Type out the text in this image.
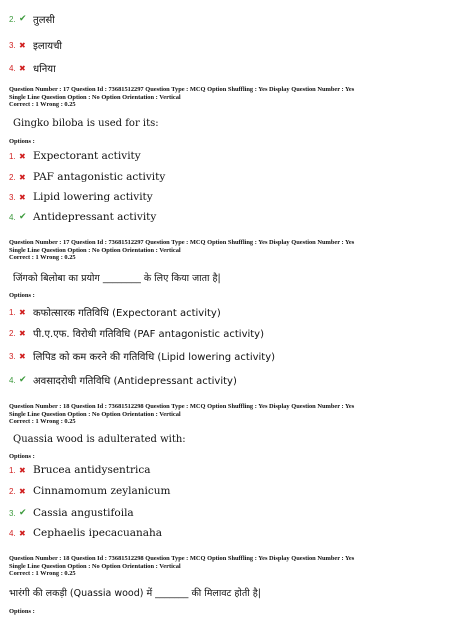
2. ✔ तुलसी
3. ✖ इलायची
4. ✖ धनिया
Question Number : 17 Question Id : 73681512297 Question Type : MCQ Option Shuffling : Yes Display Question Number : Yes
Single Line Question Option : No Option Orientation : Vertical
Correct : 1 Wrong : 0.25
Gingko biloba is used for its:
Options :
1. ✖ Expectorant activity
2. ✖ PAF antagonistic activity
3. ✖ Lipid lowering activity
4. ✔ Antidepressant activity
Question Number : 17 Question Id : 73681512297 Question Type : MCQ Option Shuffling : Yes Display Question Number : Yes
Single Line Question Option : No Option Orientation : Vertical
Correct : 1 Wrong : 0.25
जिंगको बिलोबा का प्रयोग ________ के लिए किया जाता है|
Options :
1. ✖ कफोत्सारक गतिविधि (Expectorant activity)
2. ✖ पी.ए.एफ. विरोधी गतिविधि (PAF antagonistic activity)
3. ✖ लिपिड को कम करने की गतिविधि (Lipid lowering activity)
4. ✔ अवसादरोधी गतिविधि (Antidepressant activity)
Question Number : 18 Question Id : 73681512298 Question Type : MCQ Option Shuffling : Yes Display Question Number : Yes
Single Line Question Option : No Option Orientation : Vertical
Correct : 1 Wrong : 0.25
Quassia wood is adulterated with:
Options :
1. ✖ Brucea antidysentrica
2. ✖ Cinnamomum zeylanicum
3. ✔ Cassia angustifoila
4. ✖ Cephaelis ipecacuanaha
Question Number : 18 Question Id : 73681512298 Question Type : MCQ Option Shuffling : Yes Display Question Number : Yes
Single Line Question Option : No Option Orientation : Vertical
Correct : 1 Wrong : 0.25
भारंगी की लकड़ी (Quassia wood) में _______ की मिलावट होती है|
Options :
